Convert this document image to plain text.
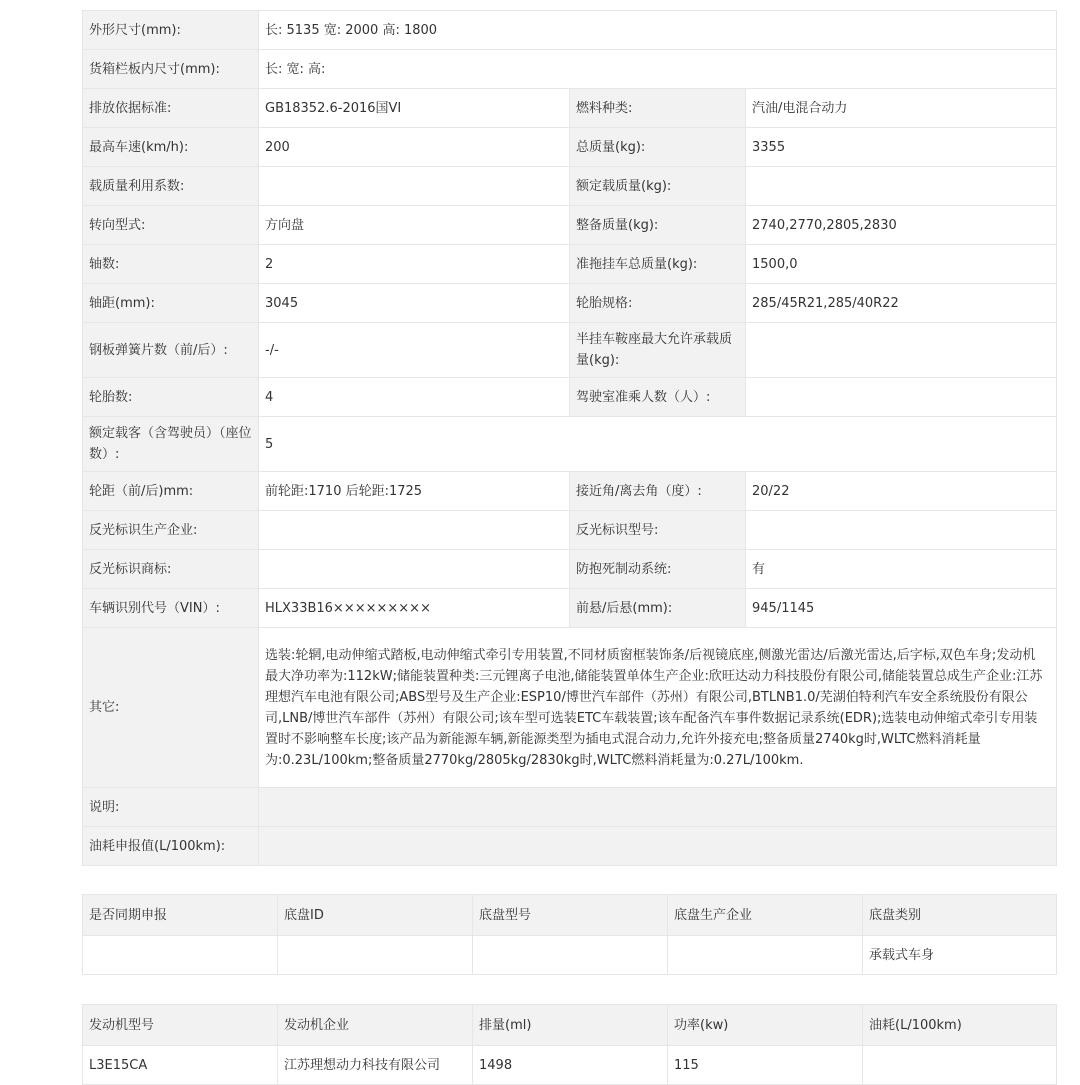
外形尺寸(mm):	长: 5135 宽: 2000 高: 1800		
货箱栏板内尺寸(mm):	长: 宽: 高:		
排放依据标准:	GB18352.6-2016国VI	燃料种类:	汽油/电混合动力
最高车速(km/h):	200	总质量(kg):	3355
载质量利用系数:		额定载质量(kg):	
转向型式:	方向盘	整备质量(kg):	2740,2770,2805,2830
轴数:	2	准拖挂车总质量(kg):	1500,0
轴距(mm):	3045	轮胎规格:	285/45R21,285/40R22
钢板弹簧片数（前/后）:	-/-	半挂车鞍座最大允许承载质量(kg):	
轮胎数:	4	驾驶室准乘人数（人）:	
额定载客（含驾驶员）（座位数）:	5		
轮距（前/后)mm:	前轮距:1710 后轮距:1725	接近角/离去角（度）:	20/22
反光标识生产企业:		反光标识型号:	
反光标识商标:		防抱死制动系统:	有
车辆识别代号（VIN）:	HLX33B16×××××××××	前悬/后悬(mm):	945/1145
其它:	选装:轮辋,电动伸缩式踏板,电动伸缩式牵引专用装置,不同材质窗框装饰条/后视镜底座,侧激光雷达/后激光雷达,后字标,双色车身;发动机最大净功率为:112kW;储能装置种类:三元锂离子电池,储能装置单体生产企业:欣旺达动力科技股份有限公司,储能装置总成生产企业:江苏理想汽车电池有限公司;ABS型号及生产企业:ESP10/博世汽车部件（苏州）有限公司,BTLNB1.0/芜湖伯特利汽车安全系统股份有限公司,LNB/博世汽车部件（苏州）有限公司;该车型可选装ETC车载装置;该车配备汽车事件数据记录系统(EDR);选装电动伸缩式牵引专用装置时不影响整车长度;该产品为新能源车辆,新能源类型为插电式混合动力,允许外接充电;整备质量2740kg时,WLTC燃料消耗量为:0.23L/100km;整备质量2770kg/2805kg/2830kg时,WLTC燃料消耗量为:0.27L/100km.		
说明:			
油耗申报值(L/100km):			
是否同期申报	底盘ID	底盘型号	底盘生产企业	底盘类别
				承载式车身
发动机型号	发动机企业	排量(ml)	功率(kw)	油耗(L/100km)
L3E15CA	江苏理想动力科技有限公司	1498	115	
